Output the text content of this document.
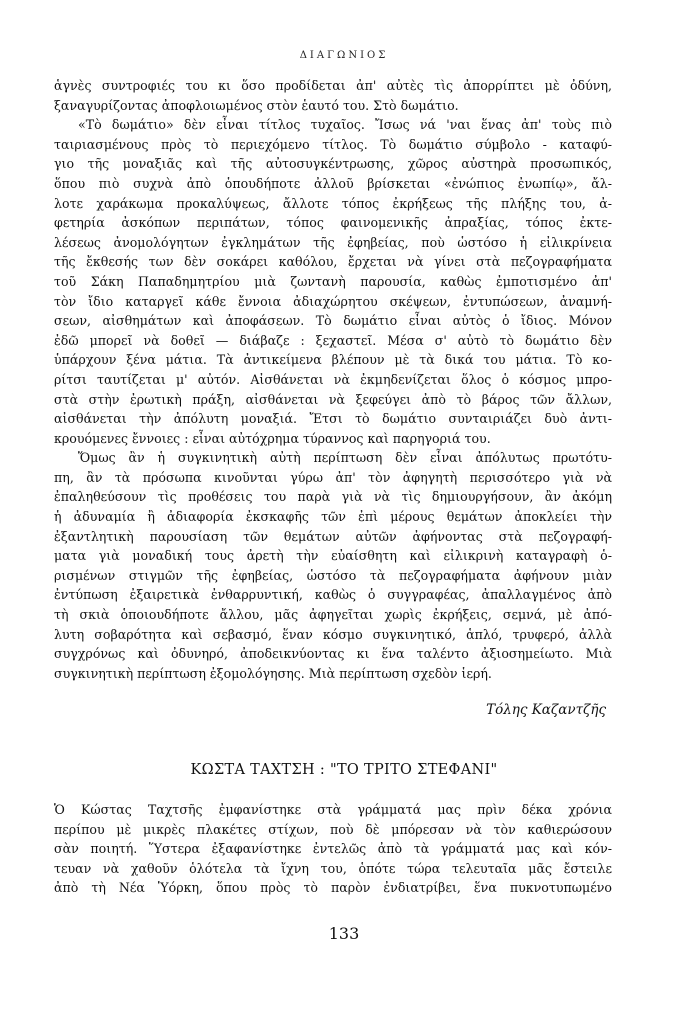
ΔΙΑΓΩΝΙΟΣ
ἁγνὲς συντροφιές του κι ὅσο προδίδεται ἀπ' αὐτὲς τὶς ἀπορρίπτει μὲ ὀδύνη,
ξαναγυρίζοντας ἀποφλοιωμένος στὸν ἑαυτό του. Στὸ δωμάτιο.
«Τὸ δωμάτιο» δὲν εἶναι τίτλος τυχαῖος. Ἴσως νά 'ναι ἕνας ἀπ' τοὺς πιὸ
ταιριασμένους πρὸς τὸ περιεχόμενο τίτλος. Τὸ δωμάτιο σύμβολο - καταφύ-
γιο τῆς μοναξιᾶς καὶ τῆς αὐτοσυγκέντρωσης, χῶρος αὐστηρὰ προσωπικός,
ὅπου πιὸ συχνὰ ἀπὸ ὁπουδήποτε ἀλλοῦ βρίσκεται «ἐνώπιος ἐνωπίῳ», ἄλ-
λοτε χαράκωμα προκαλύψεως, ἄλλοτε τόπος ἐκρήξεως τῆς πλήξης του, ἀ-
φετηρία ἀσκόπων περιπάτων, τόπος φαινομενικῆς ἀπραξίας, τόπος ἐκτε-
λέσεως ἀνομολόγητων ἐγκλημάτων τῆς ἐφηβείας, ποὺ ὡστόσο ἡ εἰλικρίνεια
τῆς ἔκθεσής των δὲν σοκάρει καθόλου, ἔρχεται νὰ γίνει στὰ πεζογραφήματα
τοῦ Σάκη Παπαδημητρίου μιὰ ζωντανὴ παρουσία, καθὼς ἐμποτισμένο ἀπ'
τὸν ἴδιο καταργεῖ κάθε ἔννοια ἀδιαχώρητου σκέψεων, ἐντυπώσεων, ἀναμνή-
σεων, αἰσθημάτων καὶ ἀποφάσεων. Τὸ δωμάτιο εἶναι αὐτὸς ὁ ἴδιος. Μόνον
ἐδῶ μπορεῖ νὰ δοθεῖ — διάβαζε : ξεχαστεῖ. Μέσα σ' αὐτὸ τὸ δωμάτιο δὲν
ὑπάρχουν ξένα μάτια. Τὰ ἀντικείμενα βλέπουν μὲ τὰ δικά του μάτια. Τὸ κο-
ρίτσι ταυτίζεται μ' αὐτόν. Αἰσθάνεται νὰ ἐκμηδενίζεται ὅλος ὁ κόσμος μπρο-
στὰ στὴν ἐρωτικὴ πράξη, αἰσθάνεται νὰ ξεφεύγει ἀπὸ τὸ βάρος τῶν ἄλλων,
αἰσθάνεται τὴν ἀπόλυτη μοναξιά. Ἔτσι τὸ δωμάτιο συνταιριάζει δυὸ ἀντι-
κρουόμενες ἔννοιες : εἶναι αὐτόχρημα τύραννος καὶ παρηγοριά του.
Ὅμως ἂν ἡ συγκινητικὴ αὐτὴ περίπτωση δὲν εἶναι ἀπόλυτως πρωτότυ-
πη, ἂν τὰ πρόσωπα κινοῦνται γύρω ἀπ' τὸν ἀφηγητὴ περισσότερο γιὰ νὰ
ἐπαληθεύσουν τὶς προθέσεις του παρὰ γιὰ νὰ τὶς δημιουργήσουν, ἂν ἀκόμη
ἡ ἀδυναμία ἢ ἀδιαφορία ἐκσκαφῆς τῶν ἐπὶ μέρους θεμάτων ἀποκλείει τὴν
ἐξαντλητικὴ παρουσίαση τῶν θεμάτων αὐτῶν ἀφήνοντας στὰ πεζογραφή-
ματα γιὰ μοναδική τους ἀρετὴ τὴν εὐαίσθητη καὶ εἰλικρινὴ καταγραφὴ ὁ-
ρισμένων στιγμῶν τῆς ἐφηβείας, ὡστόσο τὰ πεζογραφήματα ἀφήνουν μιὰν
ἐντύπωση ἐξαιρετικὰ ἐνθαρρυντική, καθὼς ὁ συγγραφέας, ἀπαλλαγμένος ἀπὸ
τὴ σκιὰ ὁποιουδήποτε ἄλλου, μᾶς ἀφηγεῖται χωρὶς ἐκρήξεις, σεμνά, μὲ ἀπό-
λυτη σοβαρότητα καὶ σεβασμό, ἕναν κόσμο συγκινητικό, ἁπλό, τρυφερό, ἀλλὰ
συγχρόνως καὶ ὀδυνηρό, ἀποδεικνύοντας κι ἕνα ταλέντο ἀξιοσημείωτο. Μιὰ
συγκινητικὴ περίπτωση ἐξομολόγησης. Μιὰ περίπτωση σχεδὸν ἱερή.
Τόλης Καζαντζῆς
ΚΩΣΤΑ ΤΑΧΤΣΗ : "ΤΟ ΤΡΙΤΟ ΣΤΕΦΑΝΙ"
Ὁ Κώστας Ταχτσῆς ἐμφανίστηκε στὰ γράμματά μας πρὶν δέκα χρόνια
περίπου μὲ μικρὲς πλακέτες στίχων, ποὺ δὲ μπόρεσαν νὰ τὸν καθιερώσουν
σὰν ποιητή. Ὕστερα ἐξαφανίστηκε ἐντελῶς ἀπὸ τὰ γράμματά μας καὶ κόν-
τευαν νὰ χαθοῦν ὁλότελα τὰ ἴχνη του, ὁπότε τώρα τελευταῖα μᾶς ἔστειλε
ἀπὸ τὴ Νέα Ὑόρκη, ὅπου πρὸς τὸ παρὸν ἐνδιατρίβει, ἕνα πυκνοτυπωμένο
133
